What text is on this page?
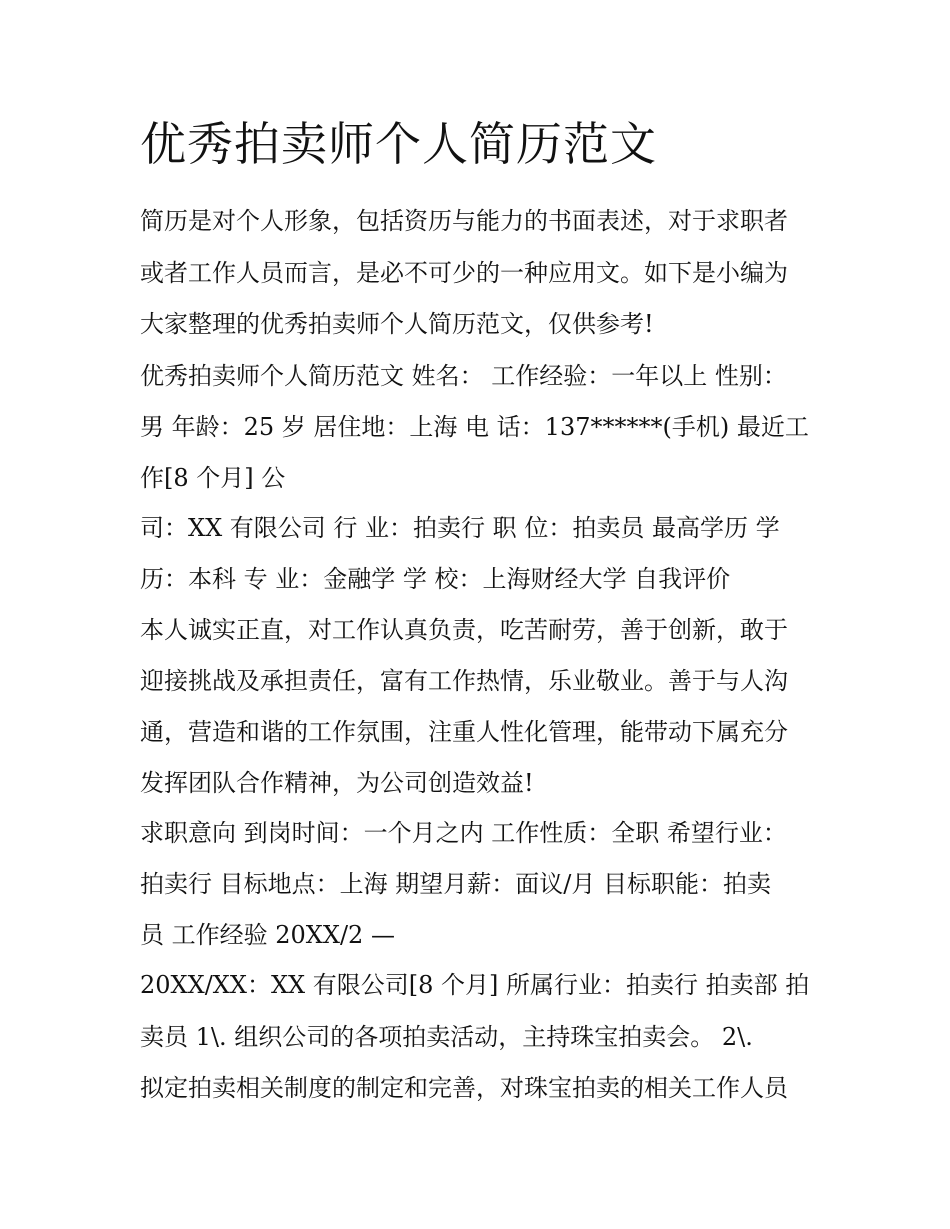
优秀拍卖师个人简历范文
简历是对个人形象，包括资历与能力的书面表述，对于求职者
或者工作人员而言，是必不可少的一种应用文。如下是小编为
大家整理的优秀拍卖师个人简历范文，仅供参考!
优秀拍卖师个人简历范文 姓名： 工作经验：一年以上 性别：
男 年龄：25 岁 居住地：上海 电 话：137******(手机) 最近工
作[8 个月] 公
司：XX 有限公司 行 业：拍卖行 职 位：拍卖员 最高学历 学
历：本科 专 业：金融学 学 校：上海财经大学 自我评价
本人诚实正直，对工作认真负责，吃苦耐劳，善于创新，敢于
迎接挑战及承担责任，富有工作热情，乐业敬业。善于与人沟
通，营造和谐的工作氛围，注重人性化管理，能带动下属充分
发挥团队合作精神，为公司创造效益!
求职意向 到岗时间：一个月之内 工作性质：全职 希望行业：
拍卖行 目标地点：上海 期望月薪：面议/月 目标职能：拍卖
员 工作经验 20XX/2 —
20XX/XX：XX 有限公司[8 个月] 所属行业：拍卖行 拍卖部 拍
卖员 1\. 组织公司的各项拍卖活动，主持珠宝拍卖会。 2\.
拟定拍卖相关制度的制定和完善，对珠宝拍卖的相关工作人员
